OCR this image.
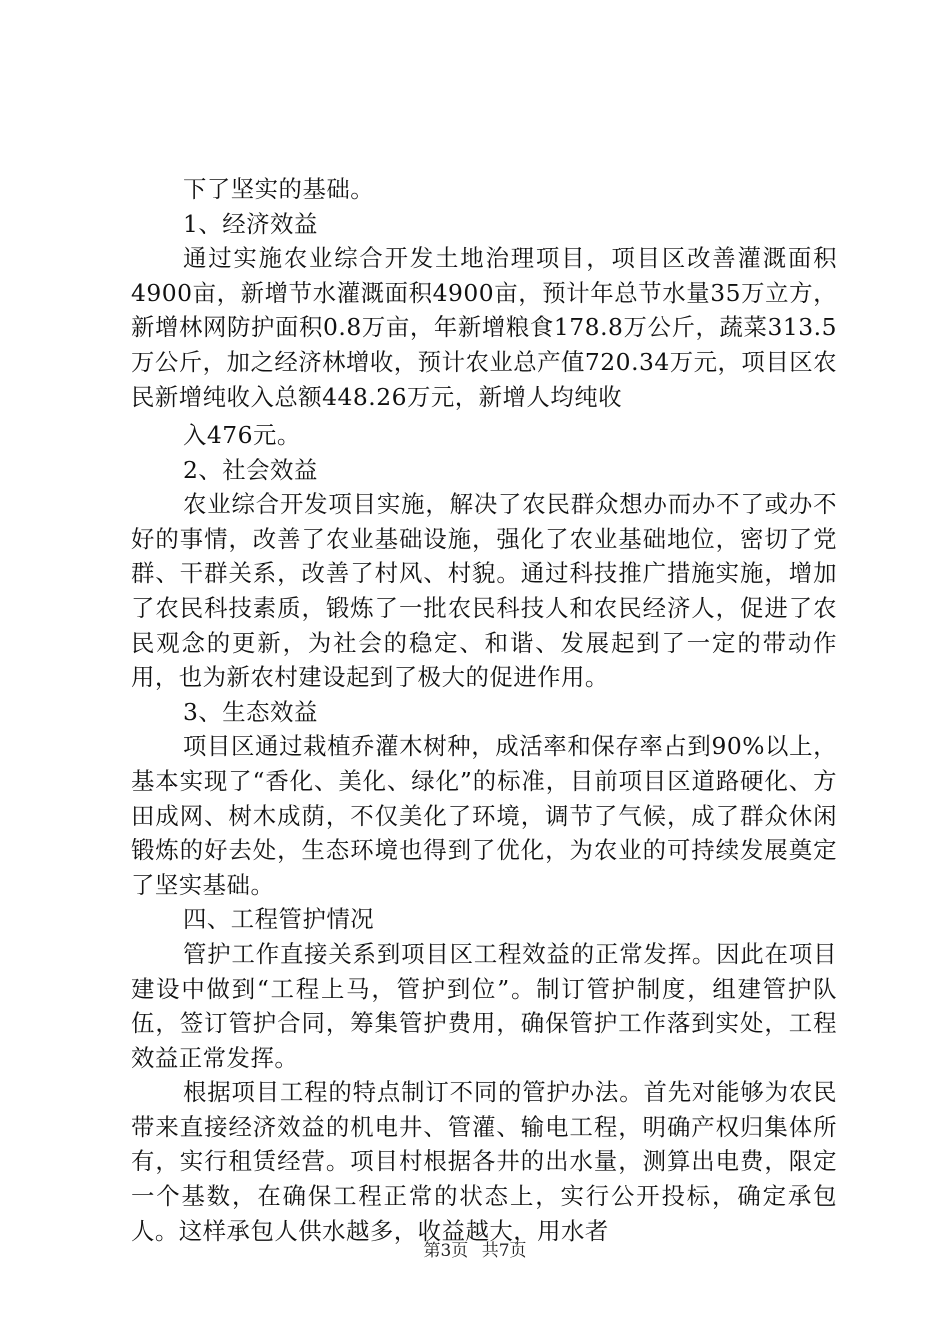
下了坚实的基础。

1、经济效益

通过实施农业综合开发土地治理项目，项目区改善灌溉面积4900亩，新增节水灌溉面积4900亩，预计年总节水量35万立方，新增林网防护面积0.8万亩，年新增粮食178.8万公斤，蔬菜313.5万公斤，加之经济林增收，预计农业总产值720.34万元，项目区农民新增纯收入总额448.26万元，新增人均纯收

入476元。

2、社会效益

农业综合开发项目实施，解决了农民群众想办而办不了或办不好的事情，改善了农业基础设施，强化了农业基础地位，密切了党群、干群关系，改善了村风、村貌。通过科技推广措施实施，增加了农民科技素质，锻炼了一批农民科技人和农民经济人，促进了农民观念的更新，为社会的稳定、和谐、发展起到了一定的带动作用，也为新农村建设起到了极大的促进作用。

3、生态效益

项目区通过栽植乔灌木树种，成活率和保存率占到90%以上，基本实现了“香化、美化、绿化”的标准，目前项目区道路硬化、方田成网、树木成荫，不仅美化了环境，调节了气候，成了群众休闲锻炼的好去处，生态环境也得到了优化，为农业的可持续发展奠定了坚实基础。

四、工程管护情况

管护工作直接关系到项目区工程效益的正常发挥。因此在项目建设中做到“工程上马，管护到位”。制订管护制度，组建管护队伍，签订管护合同，筹集管护费用，确保管护工作落到实处，工程效益正常发挥。

根据项目工程的特点制订不同的管护办法。首先对能够为农民带来直接经济效益的机电井、管灌、输电工程，明确产权归集体所有，实行租赁经营。项目村根据各井的出水量，测算出电费，限定一个基数，在确保工程正常的状态上，实行公开投标，确定承包人。这样承包人供水越多，收益越大，用水者

第3页 共7页
